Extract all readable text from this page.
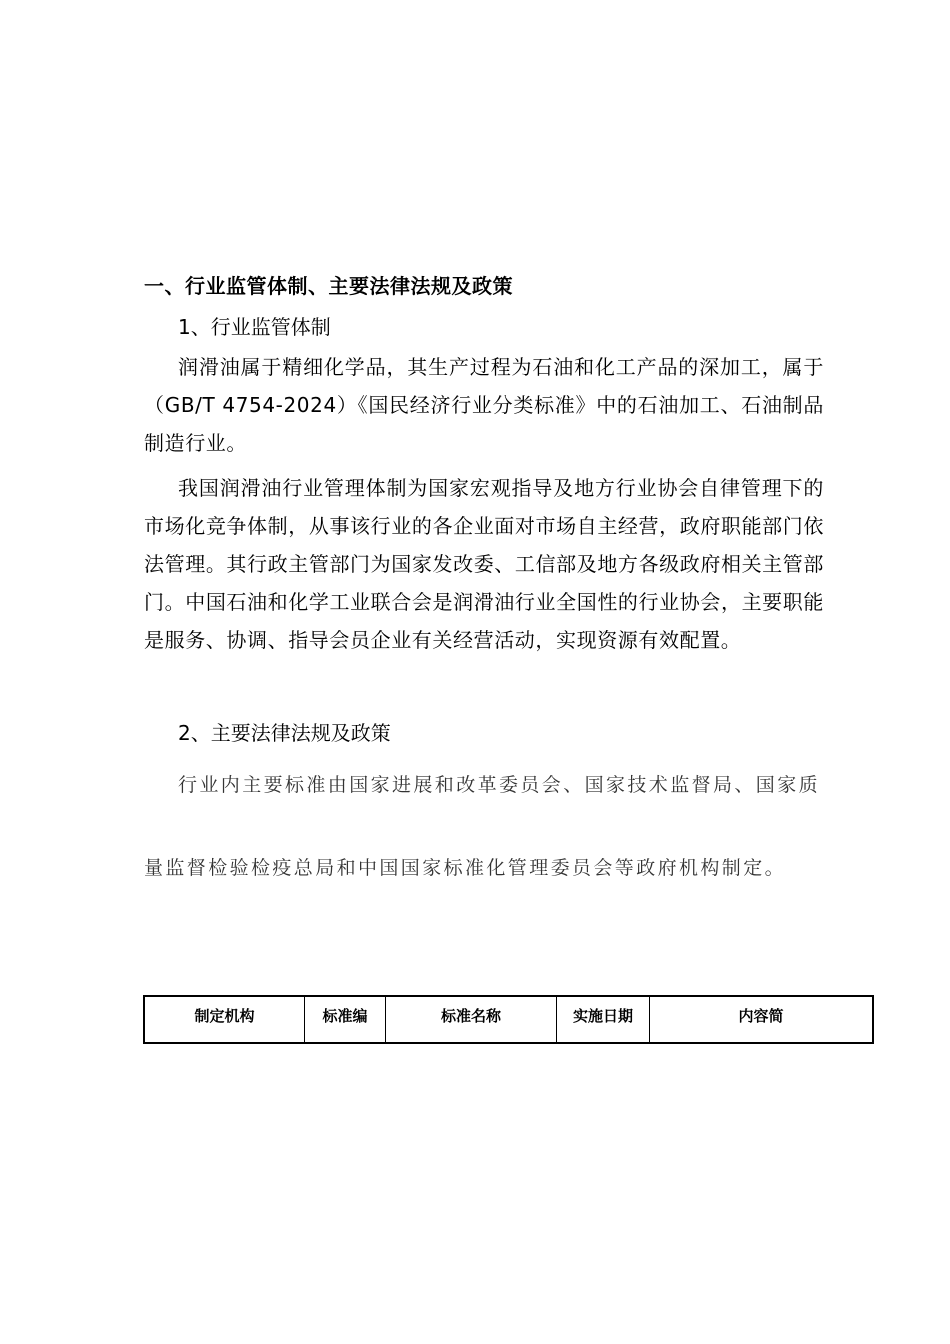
一、行业监管体制、主要法律法规及政策
1、行业监管体制
润滑油属于精细化学品，其生产过程为石油和化工产品的深加工，属于（GB/T 4754-2024）《国民经济行业分类标准》中的石油加工、石油制品制造行业。
我国润滑油行业管理体制为国家宏观指导及地方行业协会自律管理下的市场化竞争体制，从事该行业的各企业面对市场自主经营，政府职能部门依法管理。其行政主管部门为国家发改委、工信部及地方各级政府相关主管部门。中国石油和化学工业联合会是润滑油行业全国性的行业协会，主要职能是服务、协调、指导会员企业有关经营活动，实现资源有效配置。
2、主要法律法规及政策
行业内主要标准由国家进展和改革委员会、国家技术监督局、国家质量监督检验检疫总局和中国国家标准化管理委员会等政府机构制定。
制定机构	标准编	标准名称	实施日期	内容简
